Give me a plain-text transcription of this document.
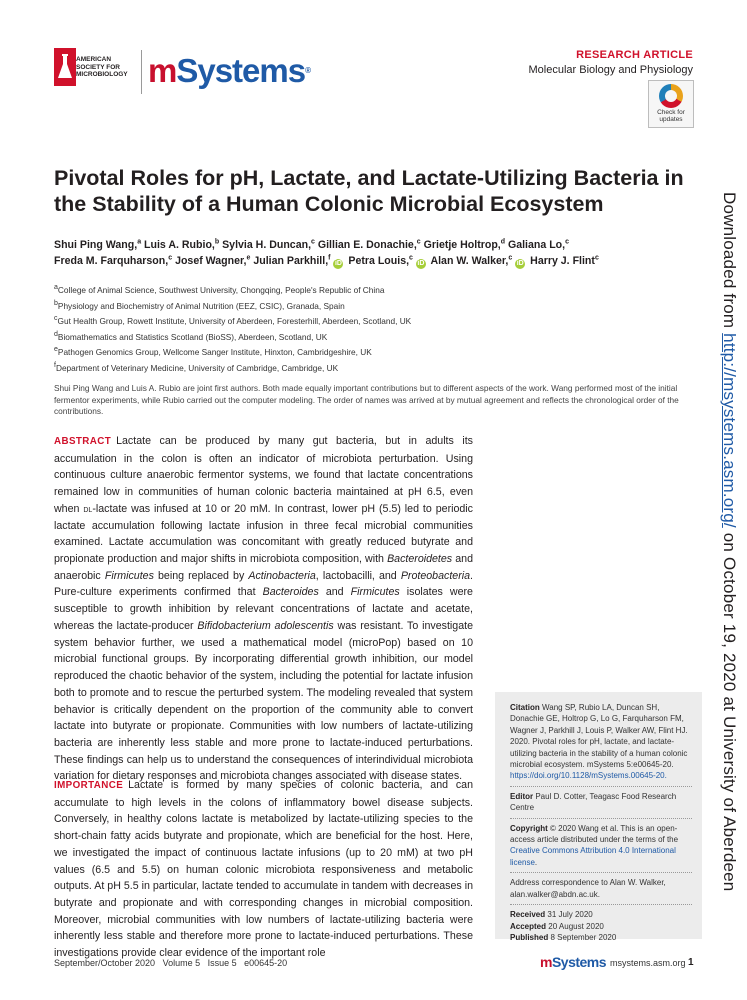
AMERICAN
SOCIETY FOR
MICROBIOLOGY mSystems®
RESEARCH ARTICLE
Molecular Biology and Physiology
Check for
updates
Pivotal Roles for pH, Lactate, and Lactate-Utilizing Bacteria in the Stability of a Human Colonic Microbial Ecosystem
Shui Ping Wang,$^a$ Luis A. Rubio,$^b$ Sylvia H. Duncan,$^c$ Gillian E. Donachie,$^c$ Grietje Holtrop,$^d$ Galiana Lo,$^c$
Freda M. Farquharson,$^c$ Josef Wagner,$^e$ Julian Parkhill,$^f$ iD Petra Louis,$^c$ iD Alan W. Walker,$^c$ iD Harry J. Flint$^c$
$^a$College of Animal Science, Southwest University, Chongqing, People's Republic of China
$^b$Physiology and Biochemistry of Animal Nutrition (EEZ, CSIC), Granada, Spain
$^c$Gut Health Group, Rowett Institute, University of Aberdeen, Foresterhill, Aberdeen, Scotland, UK
$^d$Biomathematics and Statistics Scotland (BioSS), Aberdeen, Scotland, UK
$^e$Pathogen Genomics Group, Wellcome Sanger Institute, Hinxton, Cambridgeshire, UK
$^f$Department of Veterinary Medicine, University of Cambridge, Cambridge, UK
Shui Ping Wang and Luis A. Rubio are joint first authors. Both made equally important contributions but to different aspects of the work. Wang performed most of the initial fermentor experiments, while Rubio carried out the computer modeling. The order of names was arrived at by mutual agreement and reflects the chronological order of the contributions.
ABSTRACT Lactate can be produced by many gut bacteria, but in adults its accumulation in the colon is often an indicator of microbiota perturbation. Using continuous culture anaerobic fermentor systems, we found that lactate concentrations remained low in communities of human colonic bacteria maintained at pH 6.5, even when dl-lactate was infused at 10 or 20 mM. In contrast, lower pH (5.5) led to periodic lactate accumulation following lactate infusion in three fecal microbial communities examined. Lactate accumulation was concomitant with greatly reduced butyrate and propionate production and major shifts in microbiota composition, with Bacteroidetes and anaerobic Firmicutes being replaced by Actinobacteria, lactobacilli, and Proteobacteria. Pure-culture experiments confirmed that Bacteroides and Firmicutes isolates were susceptible to growth inhibition by relevant concentrations of lactate and acetate, whereas the lactate-producer Bifidobacterium adolescentis was resistant. To investigate system behavior further, we used a mathematical model (microPop) based on 10 microbial functional groups. By incorporating differential growth inhibition, our model reproduced the chaotic behavior of the system, including the potential for lactate infusion both to promote and to rescue the perturbed system. The modeling revealed that system behavior is critically dependent on the proportion of the community able to convert lactate into butyrate or propionate. Communities with low numbers of lactate-utilizing bacteria are inherently less stable and more prone to lactate-induced perturbations. These findings can help us to understand the consequences of interindividual microbiota variation for dietary responses and microbiota changes associated with disease states.
IMPORTANCE Lactate is formed by many species of colonic bacteria, and can accumulate to high levels in the colons of inflammatory bowel disease subjects. Conversely, in healthy colons lactate is metabolized by lactate-utilizing species to the short-chain fatty acids butyrate and propionate, which are beneficial for the host. Here, we investigated the impact of continuous lactate infusions (up to 20 mM) at two pH values (6.5 and 5.5) on human colonic microbiota responsiveness and metabolic outputs. At pH 5.5 in particular, lactate tended to accumulate in tandem with decreases in butyrate and propionate and with corresponding changes in microbial composition. Moreover, microbial communities with low numbers of lactate-utilizing bacteria were inherently less stable and therefore more prone to lactate-induced perturbations. These investigations provide clear evidence of the important role
Citation Wang SP, Rubio LA, Duncan SH, Donachie GE, Holtrop G, Lo G, Farquharson FM, Wagner J, Parkhill J, Louis P, Walker AW, Flint HJ. 2020. Pivotal roles for pH, lactate, and lactate-utilizing bacteria in the stability of a human colonic microbial ecosystem. mSystems 5:e00645-20. https://doi.org/10.1128/mSystems.00645-20.
Editor Paul D. Cotter, Teagasc Food Research Centre
Copyright © 2020 Wang et al. This is an open-access article distributed under the terms of the Creative Commons Attribution 4.0 International license.
Address correspondence to Alan W. Walker, alan.walker@abdn.ac.uk.
Received 31 July 2020
Accepted 20 August 2020
Published 8 September 2020
Downloaded from http://msystems.asm.org/ on October 19, 2020 at University of Aberdeen
September/October 2020   Volume 5   Issue 5   e00645-20	mSystems msystems.asm.org 1
